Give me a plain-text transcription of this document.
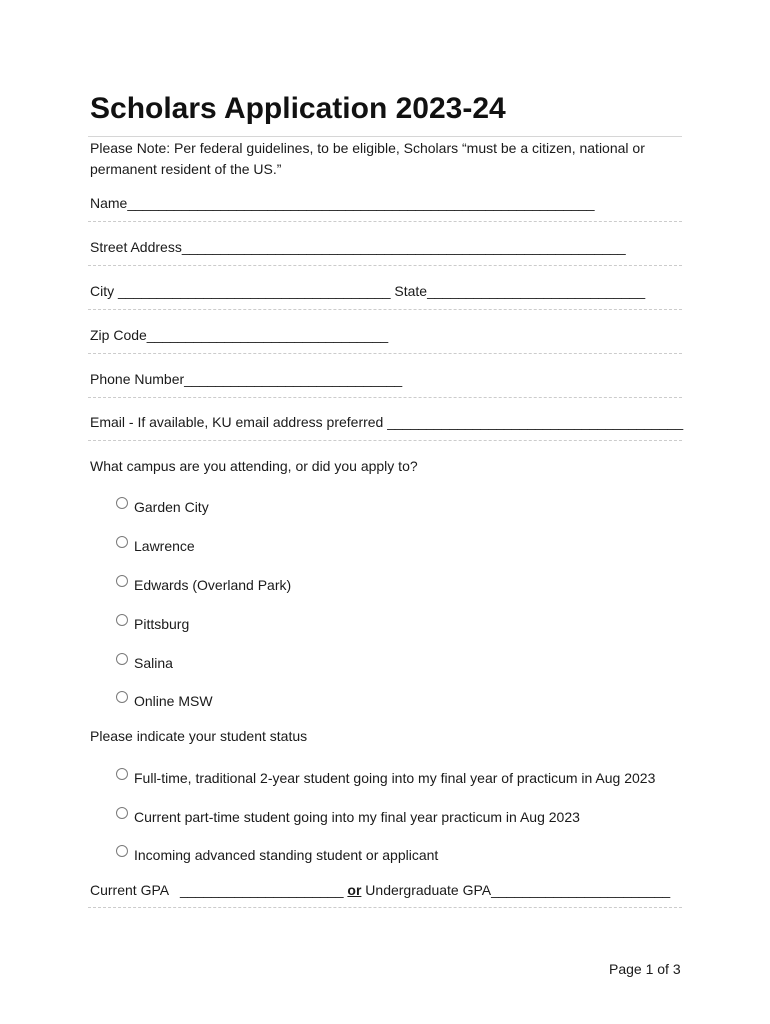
Scholars Application 2023-24
Please Note: Per federal guidelines, to be eligible, Scholars “must be a citizen, national or permanent resident of the US.”
Name____________________________________________________________
Street Address_________________________________________________________
City ___________________________________ State____________________________
Zip Code_______________________________
Phone Number____________________________
Email - If available, KU email address preferred ______________________________________
What campus are you attending, or did you apply to?
Garden City
Lawrence
Edwards (Overland Park)
Pittsburg
Salina
Online MSW
Please indicate your student status
Full-time, traditional 2-year student going into my final year of practicum in Aug 2023
Current part-time student going into my final year practicum in Aug 2023
Incoming advanced standing student or applicant
Current GPA   _____________________ or Undergraduate GPA_______________________
Page 1 of 3
